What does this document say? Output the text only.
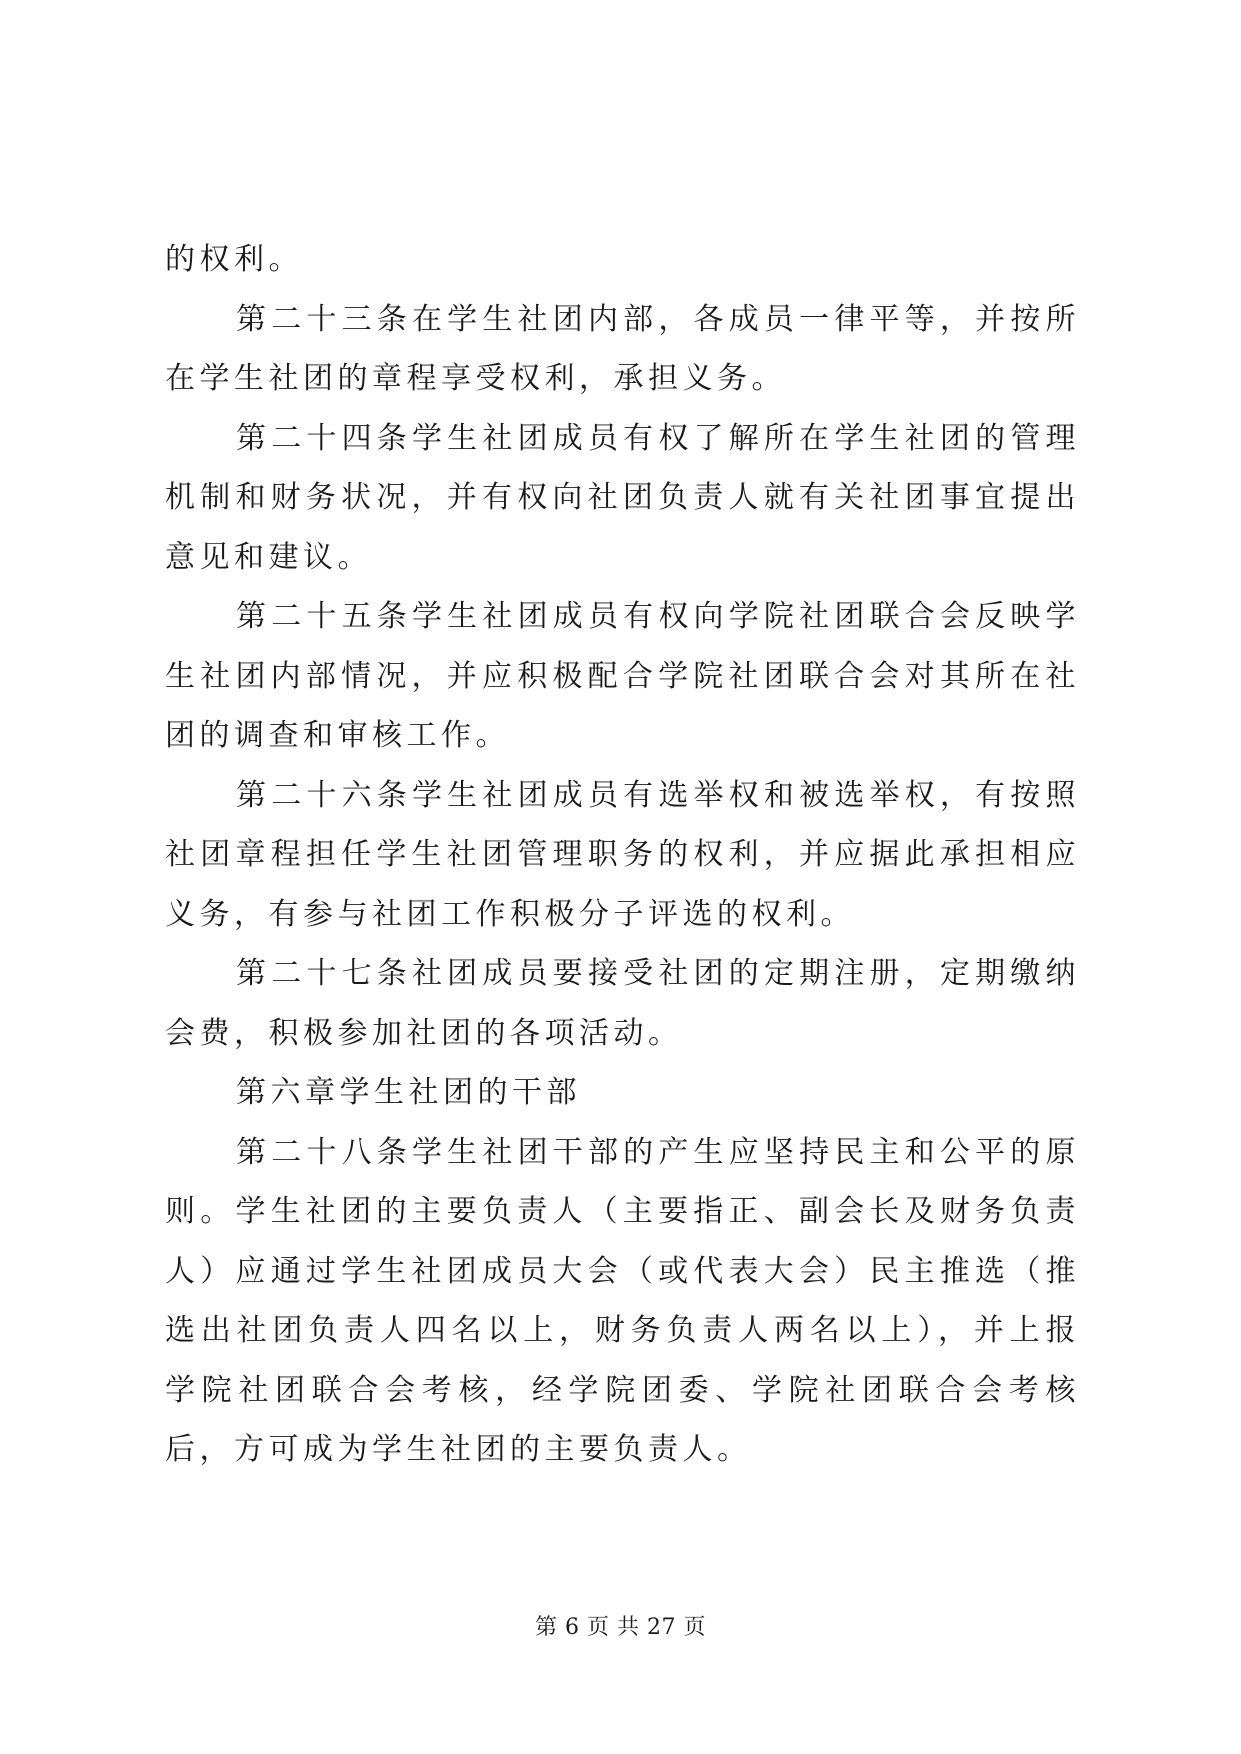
的权利。

第二十三条在学生社团内部，各成员一律平等，并按所在学生社团的章程享受权利，承担义务。

第二十四条学生社团成员有权了解所在学生社团的管理机制和财务状况，并有权向社团负责人就有关社团事宜提出意见和建议。

第二十五条学生社团成员有权向学院社团联合会反映学生社团内部情况，并应积极配合学院社团联合会对其所在社团的调查和审核工作。

第二十六条学生社团成员有选举权和被选举权，有按照社团章程担任学生社团管理职务的权利，并应据此承担相应义务，有参与社团工作积极分子评选的权利。

第二十七条社团成员要接受社团的定期注册，定期缴纳会费，积极参加社团的各项活动。

第六章学生社团的干部

第二十八条学生社团干部的产生应坚持民主和公平的原则。学生社团的主要负责人（主要指正、副会长及财务负责人）应通过学生社团成员大会（或代表大会）民主推选（推选出社团负责人四名以上，财务负责人两名以上），并上报学院社团联合会考核，经学院团委、学院社团联合会考核后，方可成为学生社团的主要负责人。

第 6 页 共 27 页
